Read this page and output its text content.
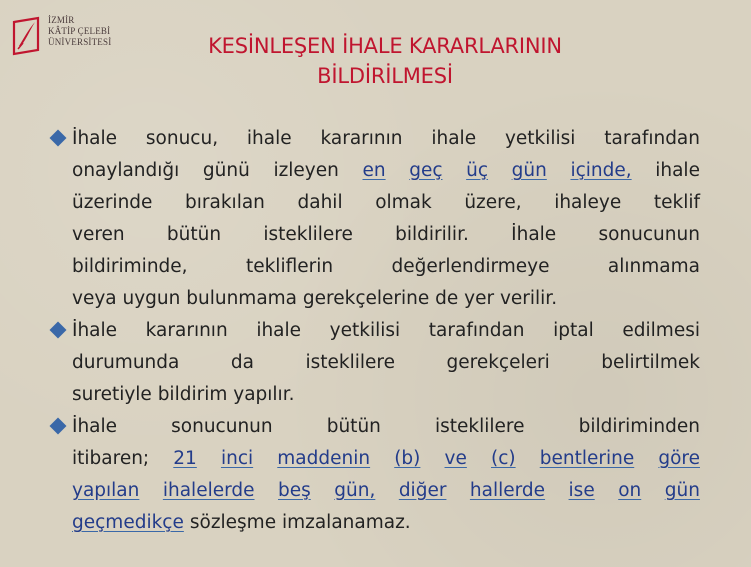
İZMİR
KÂTİP ÇELEBİ
ÜNİVERSİTESİ	KESİNLEŞEN İHALE KARARLARININ
BİLDİRİLMESİ
İhale sonucu, ihale kararının ihale yetkilisi tarafından
onaylandığı günü izleyen en geç üç gün içinde, ihale
üzerinde bırakılan dahil olmak üzere, ihaleye teklif
veren bütün isteklilere bildirilir. İhale sonucunun
bildiriminde,	tekliflerin	değerlendirmeye	alınmama
veya uygun bulunmama gerekçelerine de yer verilir.
İhale kararının ihale yetkilisi tarafından iptal edilmesi
durumunda	da	isteklilere	gerekçeleri	belirtilmek
suretiyle bildirim yapılır.
İhale	sonucunun	bütün	isteklilere	bildiriminden
itibaren; 21 inci maddenin (b) ve (c) bentlerine göre
yapılan ihalelerde beş gün, diğer hallerde ise on gün
geçmedikçe sözleşme imzalanamaz.
